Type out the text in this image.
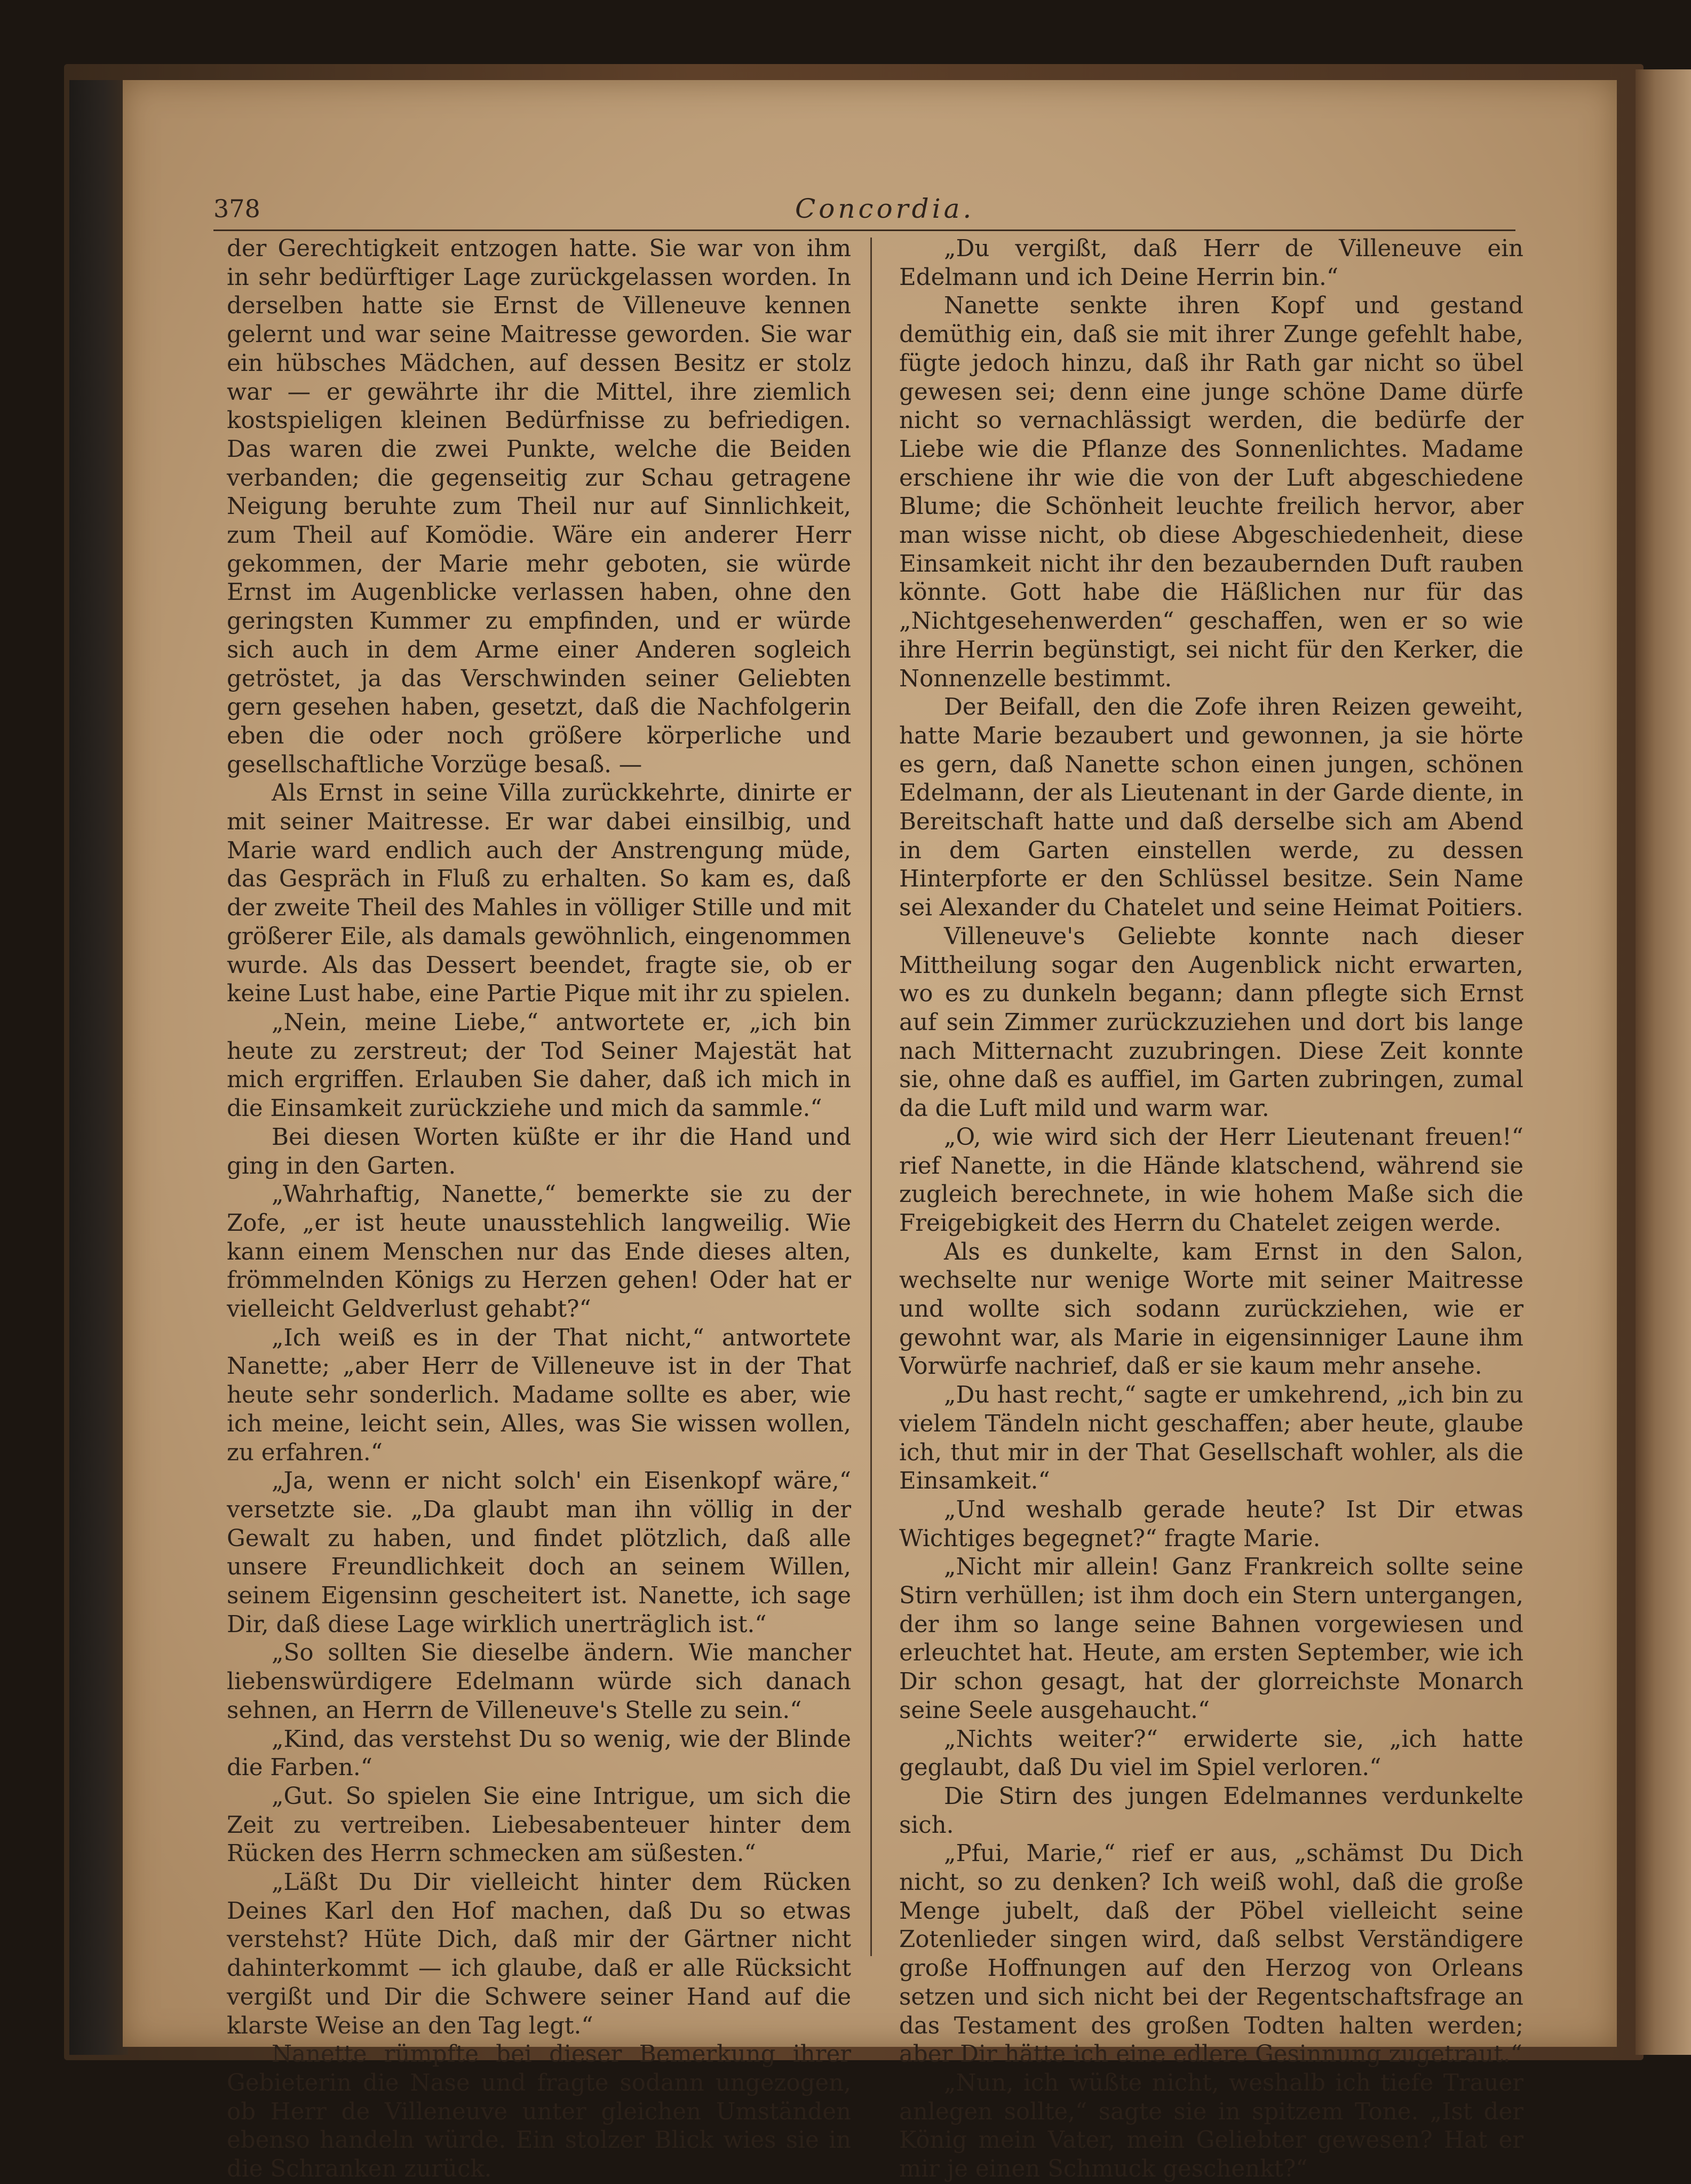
378	Concordia.

der Gerechtigkeit entzogen hatte. Sie war von ihm in sehr bedürftiger Lage zurückgelassen worden. In derselben hatte sie Ernst de Villeneuve kennen gelernt und war seine Maitresse geworden. Sie war ein hübsches Mädchen, auf dessen Besitz er stolz war — er gewährte ihr die Mittel, ihre ziemlich kostspieligen kleinen Bedürfnisse zu befriedigen. Das waren die zwei Punkte, welche die Beiden verbanden; die gegenseitig zur Schau getragene Neigung beruhte zum Theil nur auf Sinnlichkeit, zum Theil auf Komödie. Wäre ein anderer Herr gekommen, der Marie mehr geboten, sie würde Ernst im Augenblicke verlassen haben, ohne den geringsten Kummer zu empfinden, und er würde sich auch in dem Arme einer Anderen sogleich getröstet, ja das Verschwinden seiner Geliebten gern gesehen haben, gesetzt, daß die Nachfolgerin eben die oder noch größere körperliche und gesellschaftliche Vorzüge besaß. —

Als Ernst in seine Villa zurückkehrte, dinirte er mit seiner Maitresse. Er war dabei einsilbig, und Marie ward endlich auch der Anstrengung müde, das Gespräch in Fluß zu erhalten. So kam es, daß der zweite Theil des Mahles in völliger Stille und mit größerer Eile, als damals gewöhnlich, eingenommen wurde. Als das Dessert beendet, fragte sie, ob er keine Lust habe, eine Partie Pique mit ihr zu spielen.

„Nein, meine Liebe,“ antwortete er, „ich bin heute zu zerstreut; der Tod Seiner Majestät hat mich ergriffen. Erlauben Sie daher, daß ich mich in die Einsamkeit zurückziehe und mich da sammle.“

Bei diesen Worten küßte er ihr die Hand und ging in den Garten.

„Wahrhaftig, Nanette,“ bemerkte sie zu der Zofe, „er ist heute unausstehlich langweilig. Wie kann einem Menschen nur das Ende dieses alten, frömmelnden Königs zu Herzen gehen! Oder hat er vielleicht Geldverlust gehabt?“

„Ich weiß es in der That nicht,“ antwortete Nanette; „aber Herr de Villeneuve ist in der That heute sehr sonderlich. Madame sollte es aber, wie ich meine, leicht sein, Alles, was Sie wissen wollen, zu erfahren.“

„Ja, wenn er nicht solch' ein Eisenkopf wäre,“ versetzte sie. „Da glaubt man ihn völlig in der Gewalt zu haben, und findet plötzlich, daß alle unsere Freundlichkeit doch an seinem Willen, seinem Eigensinn gescheitert ist. Nanette, ich sage Dir, daß diese Lage wirklich unerträglich ist.“

„So sollten Sie dieselbe ändern. Wie mancher liebenswürdigere Edelmann würde sich danach sehnen, an Herrn de Villeneuve's Stelle zu sein.“

„Kind, das verstehst Du so wenig, wie der Blinde die Farben.“

„Gut. So spielen Sie eine Intrigue, um sich die Zeit zu vertreiben. Liebesabenteuer hinter dem Rücken des Herrn schmecken am süßesten.“

„Läßt Du Dir vielleicht hinter dem Rücken Deines Karl den Hof machen, daß Du so etwas verstehst? Hüte Dich, daß mir der Gärtner nicht dahinterkommt — ich glaube, daß er alle Rücksicht vergißt und Dir die Schwere seiner Hand auf die klarste Weise an den Tag legt.“

Nanette rümpfte bei dieser Bemerkung ihrer Gebieterin die Nase und fragte sodann ungezogen, ob Herr de Villeneuve unter gleichen Umständen ebenso handeln würde. Ein stolzer Blick wies sie in die Schranken zurück.

„Du vergißt, daß Herr de Villeneuve ein Edelmann und ich Deine Herrin bin.“

Nanette senkte ihren Kopf und gestand demüthig ein, daß sie mit ihrer Zunge gefehlt habe, fügte jedoch hinzu, daß ihr Rath gar nicht so übel gewesen sei; denn eine junge schöne Dame dürfe nicht so vernachlässigt werden, die bedürfe der Liebe wie die Pflanze des Sonnenlichtes. Madame erschiene ihr wie die von der Luft abgeschiedene Blume; die Schönheit leuchte freilich hervor, aber man wisse nicht, ob diese Abgeschiedenheit, diese Einsamkeit nicht ihr den bezaubernden Duft rauben könnte. Gott habe die Häßlichen nur für das „Nichtgesehenwerden“ geschaffen, wen er so wie ihre Herrin begünstigt, sei nicht für den Kerker, die Nonnenzelle bestimmt.

Der Beifall, den die Zofe ihren Reizen geweiht, hatte Marie bezaubert und gewonnen, ja sie hörte es gern, daß Nanette schon einen jungen, schönen Edelmann, der als Lieutenant in der Garde diente, in Bereitschaft hatte und daß derselbe sich am Abend in dem Garten einstellen werde, zu dessen Hinterpforte er den Schlüssel besitze. Sein Name sei Alexander du Chatelet und seine Heimat Poitiers.

Villeneuve's Geliebte konnte nach dieser Mittheilung sogar den Augenblick nicht erwarten, wo es zu dunkeln begann; dann pflegte sich Ernst auf sein Zimmer zurückzuziehen und dort bis lange nach Mitternacht zuzubringen. Diese Zeit konnte sie, ohne daß es auffiel, im Garten zubringen, zumal da die Luft mild und warm war.

„O, wie wird sich der Herr Lieutenant freuen!“ rief Nanette, in die Hände klatschend, während sie zugleich berechnete, in wie hohem Maße sich die Freigebigkeit des Herrn du Chatelet zeigen werde.

Als es dunkelte, kam Ernst in den Salon, wechselte nur wenige Worte mit seiner Maitresse und wollte sich sodann zurückziehen, wie er gewohnt war, als Marie in eigensinniger Laune ihm Vorwürfe nachrief, daß er sie kaum mehr ansehe.

„Du hast recht,“ sagte er umkehrend, „ich bin zu vielem Tändeln nicht geschaffen; aber heute, glaube ich, thut mir in der That Gesellschaft wohler, als die Einsamkeit.“

„Und weshalb gerade heute? Ist Dir etwas Wichtiges begegnet?“ fragte Marie.

„Nicht mir allein! Ganz Frankreich sollte seine Stirn verhüllen; ist ihm doch ein Stern untergangen, der ihm so lange seine Bahnen vorgewiesen und erleuchtet hat. Heute, am ersten September, wie ich Dir schon gesagt, hat der glorreichste Monarch seine Seele ausgehaucht.“

„Nichts weiter?“ erwiderte sie, „ich hatte geglaubt, daß Du viel im Spiel verloren.“

Die Stirn des jungen Edelmannes verdunkelte sich.

„Pfui, Marie,“ rief er aus, „schämst Du Dich nicht, so zu denken? Ich weiß wohl, daß die große Menge jubelt, daß der Pöbel vielleicht seine Zotenlieder singen wird, daß selbst Verständigere große Hoffnungen auf den Herzog von Orleans setzen und sich nicht bei der Regentschaftsfrage an das Testament des großen Todten halten werden; aber Dir hätte ich eine edlere Gesinnung zugetraut.“

„Nun, ich wüßte nicht, weshalb ich tiefe Trauer anlegen sollte,“ sagte sie in spitzem Tone. „Ist der König mein Vater, mein Geliebter gewesen? Hat er mir je einen Schmuck geschenkt?“
